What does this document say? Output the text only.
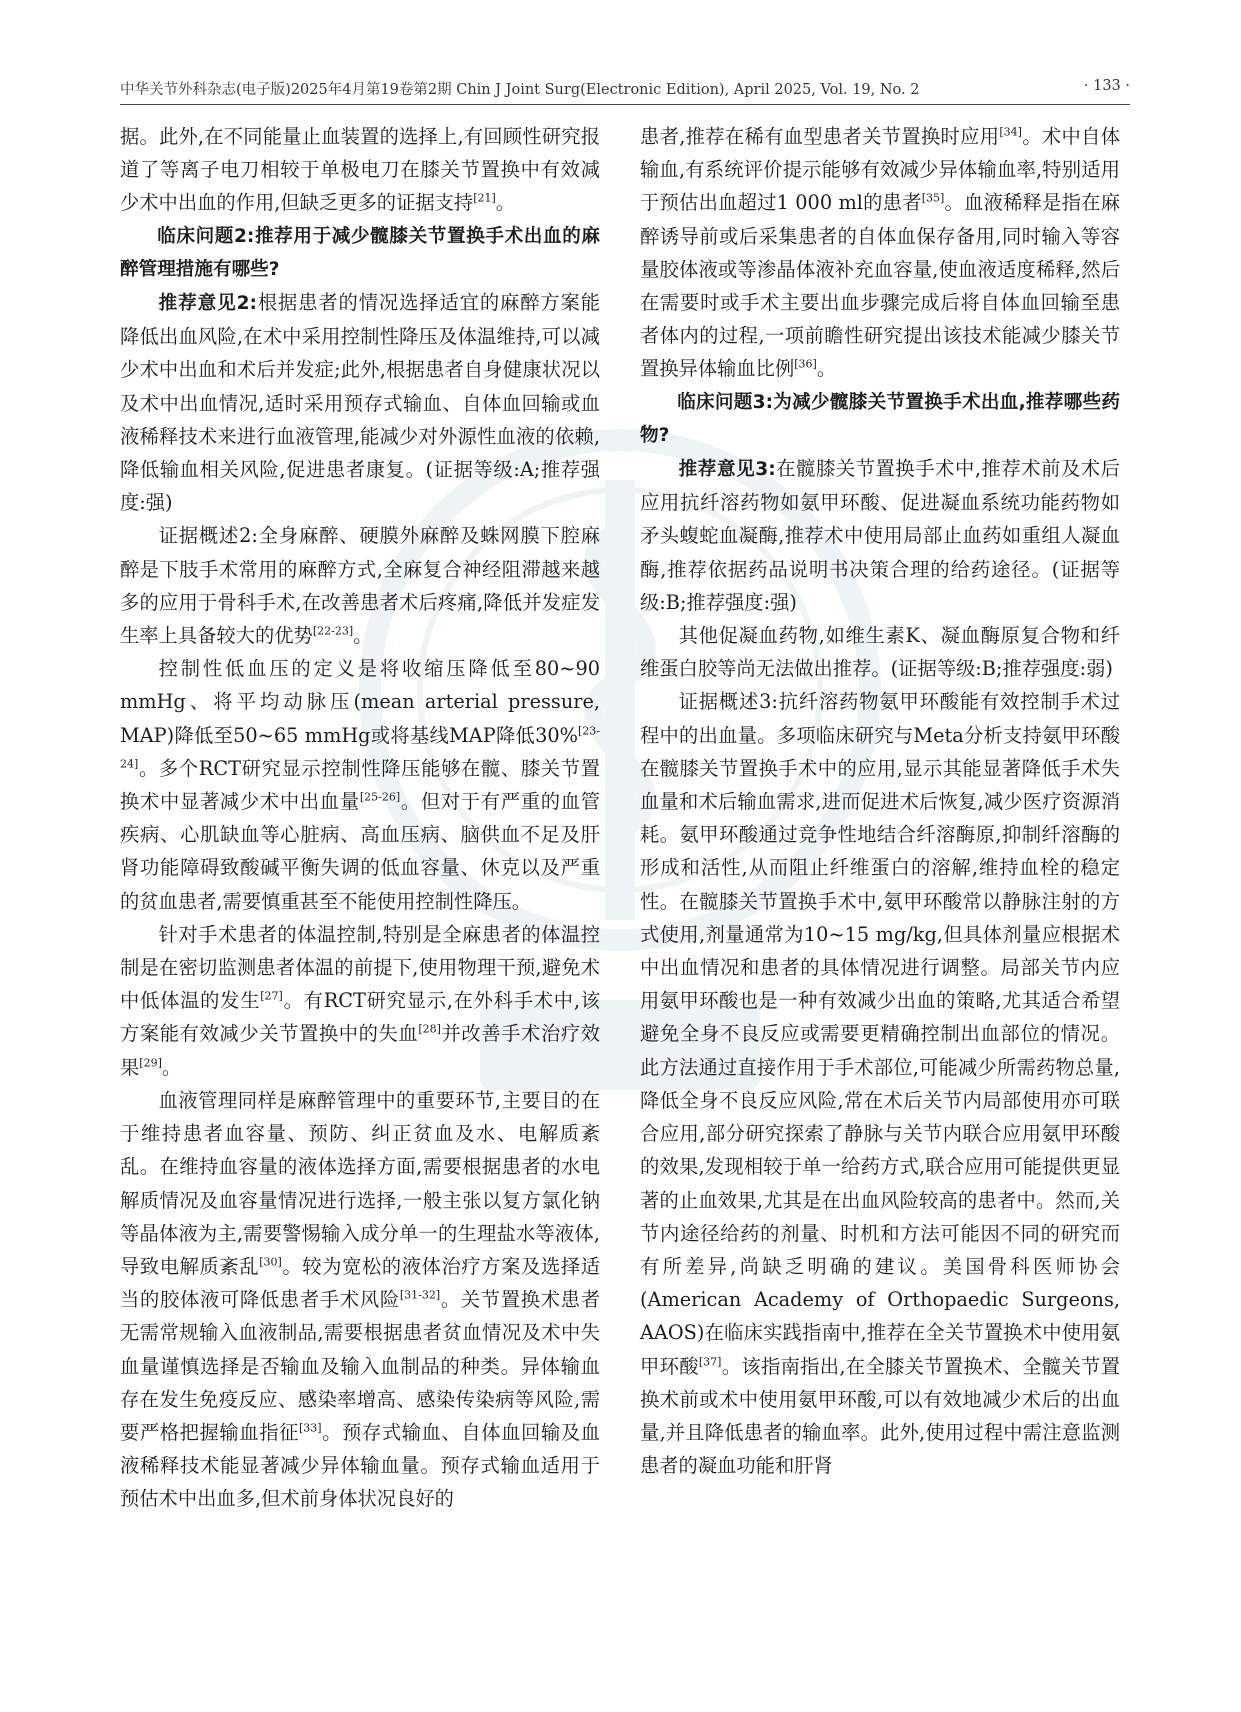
中华关节外科杂志(电子版)2025年4月第19卷第2期 Chin J Joint Surg(Electronic Edition), April 2025, Vol. 19, No. 2	· 133 ·

据。此外,在不同能量止血装置的选择上,有回顾性研究报道了等离子电刀相较于单极电刀在膝关节置换中有效减少术中出血的作用,但缺乏更多的证据支持[21]。

临床问题2:推荐用于减少髋膝关节置换手术出血的麻醉管理措施有哪些?

推荐意见2:根据患者的情况选择适宜的麻醉方案能降低出血风险,在术中采用控制性降压及体温维持,可以减少术中出血和术后并发症;此外,根据患者自身健康状况以及术中出血情况,适时采用预存式输血、自体血回输或血液稀释技术来进行血液管理,能减少对外源性血液的依赖,降低输血相关风险,促进患者康复。(证据等级:A;推荐强度:强)

证据概述2:全身麻醉、硬膜外麻醉及蛛网膜下腔麻醉是下肢手术常用的麻醉方式,全麻复合神经阻滞越来越多的应用于骨科手术,在改善患者术后疼痛,降低并发症发生率上具备较大的优势[22-23]。

控制性低血压的定义是将收缩压降低至80~90 mmHg、将平均动脉压(mean arterial pressure, MAP)降低至50~65 mmHg或将基线MAP降低30%[23-24]。多个RCT研究显示控制性降压能够在髋、膝关节置换术中显著减少术中出血量[25-26]。但对于有严重的血管疾病、心肌缺血等心脏病、高血压病、脑供血不足及肝肾功能障碍致酸碱平衡失调的低血容量、休克以及严重的贫血患者,需要慎重甚至不能使用控制性降压。

针对手术患者的体温控制,特别是全麻患者的体温控制是在密切监测患者体温的前提下,使用物理干预,避免术中低体温的发生[27]。有RCT研究显示,在外科手术中,该方案能有效减少关节置换中的失血[28]并改善手术治疗效果[29]。

血液管理同样是麻醉管理中的重要环节,主要目的在于维持患者血容量、预防、纠正贫血及水、电解质紊乱。在维持血容量的液体选择方面,需要根据患者的水电解质情况及血容量情况进行选择,一般主张以复方氯化钠等晶体液为主,需要警惕输入成分单一的生理盐水等液体,导致电解质紊乱[30]。较为宽松的液体治疗方案及选择适当的胶体液可降低患者手术风险[31-32]。关节置换术患者无需常规输入血液制品,需要根据患者贫血情况及术中失血量谨慎选择是否输血及输入血制品的种类。异体输血存在发生免疫反应、感染率增高、感染传染病等风险,需要严格把握输血指征[33]。预存式输血、自体血回输及血液稀释技术能显著减少异体输血量。预存式输血适用于预估术中出血多,但术前身体状况良好的

患者,推荐在稀有血型患者关节置换时应用[34]。术中自体输血,有系统评价提示能够有效减少异体输血率,特别适用于预估出血超过1 000 ml的患者[35]。血液稀释是指在麻醉诱导前或后采集患者的自体血保存备用,同时输入等容量胶体液或等渗晶体液补充血容量,使血液适度稀释,然后在需要时或手术主要出血步骤完成后将自体血回输至患者体内的过程,一项前瞻性研究提出该技术能减少膝关节置换异体输血比例[36]。

临床问题3:为减少髋膝关节置换手术出血,推荐哪些药物?

推荐意见3:在髋膝关节置换手术中,推荐术前及术后应用抗纤溶药物如氨甲环酸、促进凝血系统功能药物如矛头蝮蛇血凝酶,推荐术中使用局部止血药如重组人凝血酶,推荐依据药品说明书决策合理的给药途径。(证据等级:B;推荐强度:强)

其他促凝血药物,如维生素K、凝血酶原复合物和纤维蛋白胶等尚无法做出推荐。(证据等级:B;推荐强度:弱)

证据概述3:抗纤溶药物氨甲环酸能有效控制手术过程中的出血量。多项临床研究与Meta分析支持氨甲环酸在髋膝关节置换手术中的应用,显示其能显著降低手术失血量和术后输血需求,进而促进术后恢复,减少医疗资源消耗。氨甲环酸通过竞争性地结合纤溶酶原,抑制纤溶酶的形成和活性,从而阻止纤维蛋白的溶解,维持血栓的稳定性。在髋膝关节置换手术中,氨甲环酸常以静脉注射的方式使用,剂量通常为10~15 mg/kg,但具体剂量应根据术中出血情况和患者的具体情况进行调整。局部关节内应用氨甲环酸也是一种有效减少出血的策略,尤其适合希望避免全身不良反应或需要更精确控制出血部位的情况。此方法通过直接作用于手术部位,可能减少所需药物总量,降低全身不良反应风险,常在术后关节内局部使用亦可联合应用,部分研究探索了静脉与关节内联合应用氨甲环酸的效果,发现相较于单一给药方式,联合应用可能提供更显著的止血效果,尤其是在出血风险较高的患者中。然而,关节内途径给药的剂量、时机和方法可能因不同的研究而有所差异,尚缺乏明确的建议。美国骨科医师协会(American Academy of Orthopaedic Surgeons, AAOS)在临床实践指南中,推荐在全关节置换术中使用氨甲环酸[37]。该指南指出,在全膝关节置换术、全髋关节置换术前或术中使用氨甲环酸,可以有效地减少术后的出血量,并且降低患者的输血率。此外,使用过程中需注意监测患者的凝血功能和肝肾
